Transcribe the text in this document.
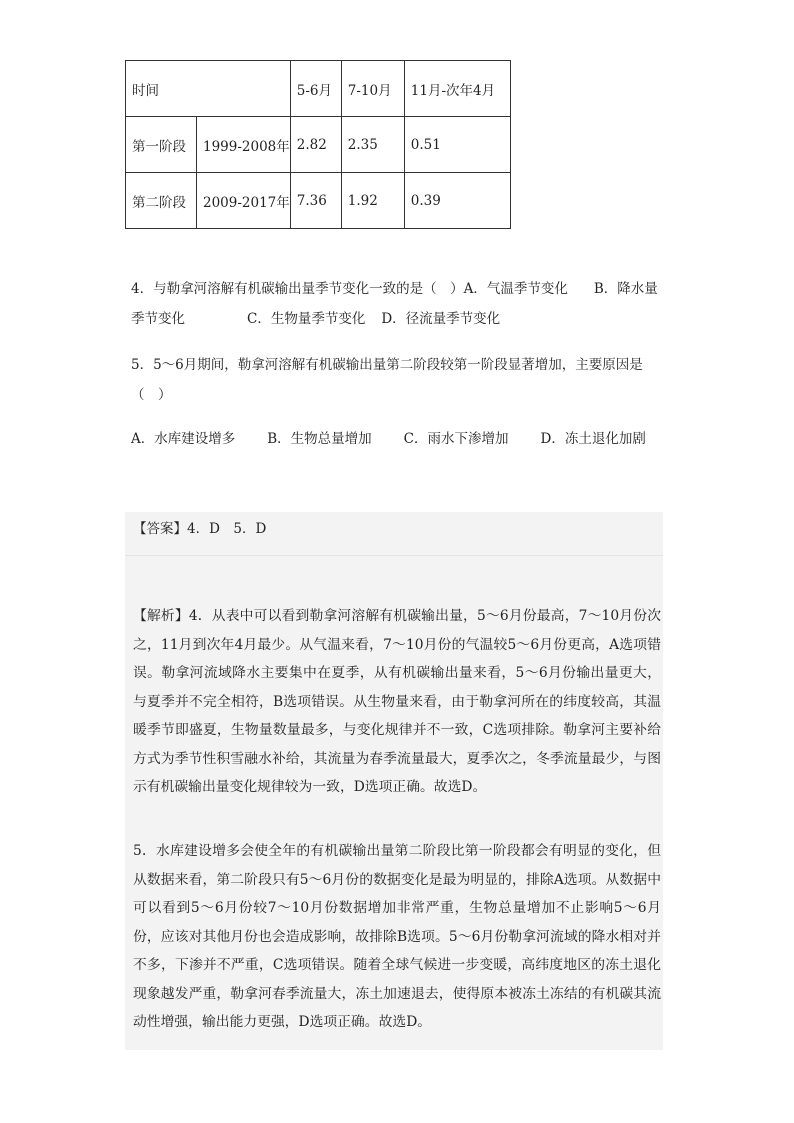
时间		5-6月	7-10月	11月-次年4月
第一阶段	1999-2008年	2.82	2.35	0.51
第二阶段	2009-2017年	7.36	1.92	0.39

4．与勒拿河溶解有机碳输出量季节变化一致的是（　）A．气温季节变化 B．降水量季节变化	C．生物量季节变化 D．径流量季节变化

5．5～6月期间，勒拿河溶解有机碳输出量第二阶段较第一阶段显著增加，主要原因是（　）

A．水库建设增多 B．生物总量增加 C．雨水下渗增加 D．冻土退化加剧

【答案】4．D　5．D

【解析】4．从表中可以看到勒拿河溶解有机碳输出量，5～6月份最高，7～10月份次之，11月到次年4月最少。从气温来看，7～10月份的气温较5～6月份更高，A选项错误。勒拿河流域降水主要集中在夏季，从有机碳输出量来看，5～6月份输出量更大，与夏季并不完全相符，B选项错误。从生物量来看，由于勒拿河所在的纬度较高，其温暖季节即盛夏，生物量数量最多，与变化规律并不一致，C选项排除。勒拿河主要补给方式为季节性积雪融水补给，其流量为春季流量最大，夏季次之，冬季流量最少，与图示有机碳输出量变化规律较为一致，D选项正确。故选D。

5．水库建设增多会使全年的有机碳输出量第二阶段比第一阶段都会有明显的变化，但从数据来看，第二阶段只有5～6月份的数据变化是最为明显的，排除A选项。从数据中可以看到5～6月份较7～10月份数据增加非常严重，生物总量增加不止影响5～6月份，应该对其他月份也会造成影响，故排除B选项。5～6月份勒拿河流域的降水相对并不多，下渗并不严重，C选项错误。随着全球气候进一步变暖，高纬度地区的冻土退化现象越发严重，勒拿河春季流量大，冻土加速退去，使得原本被冻土冻结的有机碳其流动性增强，输出能力更强，D选项正确。故选D。
